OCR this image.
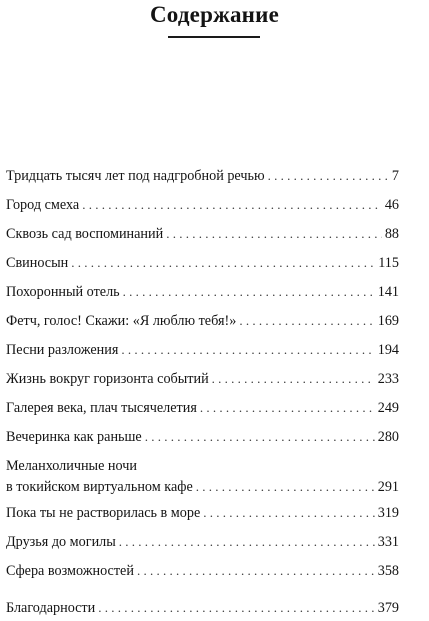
Содержание
Тридцать тысяч лет под надгробной речью . . .	7
Город смеха . . .	46
Сквозь сад воспоминаний . . .	88
Свиносын . . .	115
Похоронный отель . . .	141
Фетч, голос! Скажи: «Я люблю тебя!» . . .	169
Песни разложения . . .	194
Жизнь вокруг горизонта событий . . .	233
Галерея века, плач тысячелетия . . .	249
Вечеринка как раньше . . .	280
Меланхоличные ночи
в токийском виртуальном кафе . . .	291
Пока ты не растворилась в море . . .	319
Друзья до могилы . . .	331
Сфера возможностей . . .	358
Благодарности . . .	379
